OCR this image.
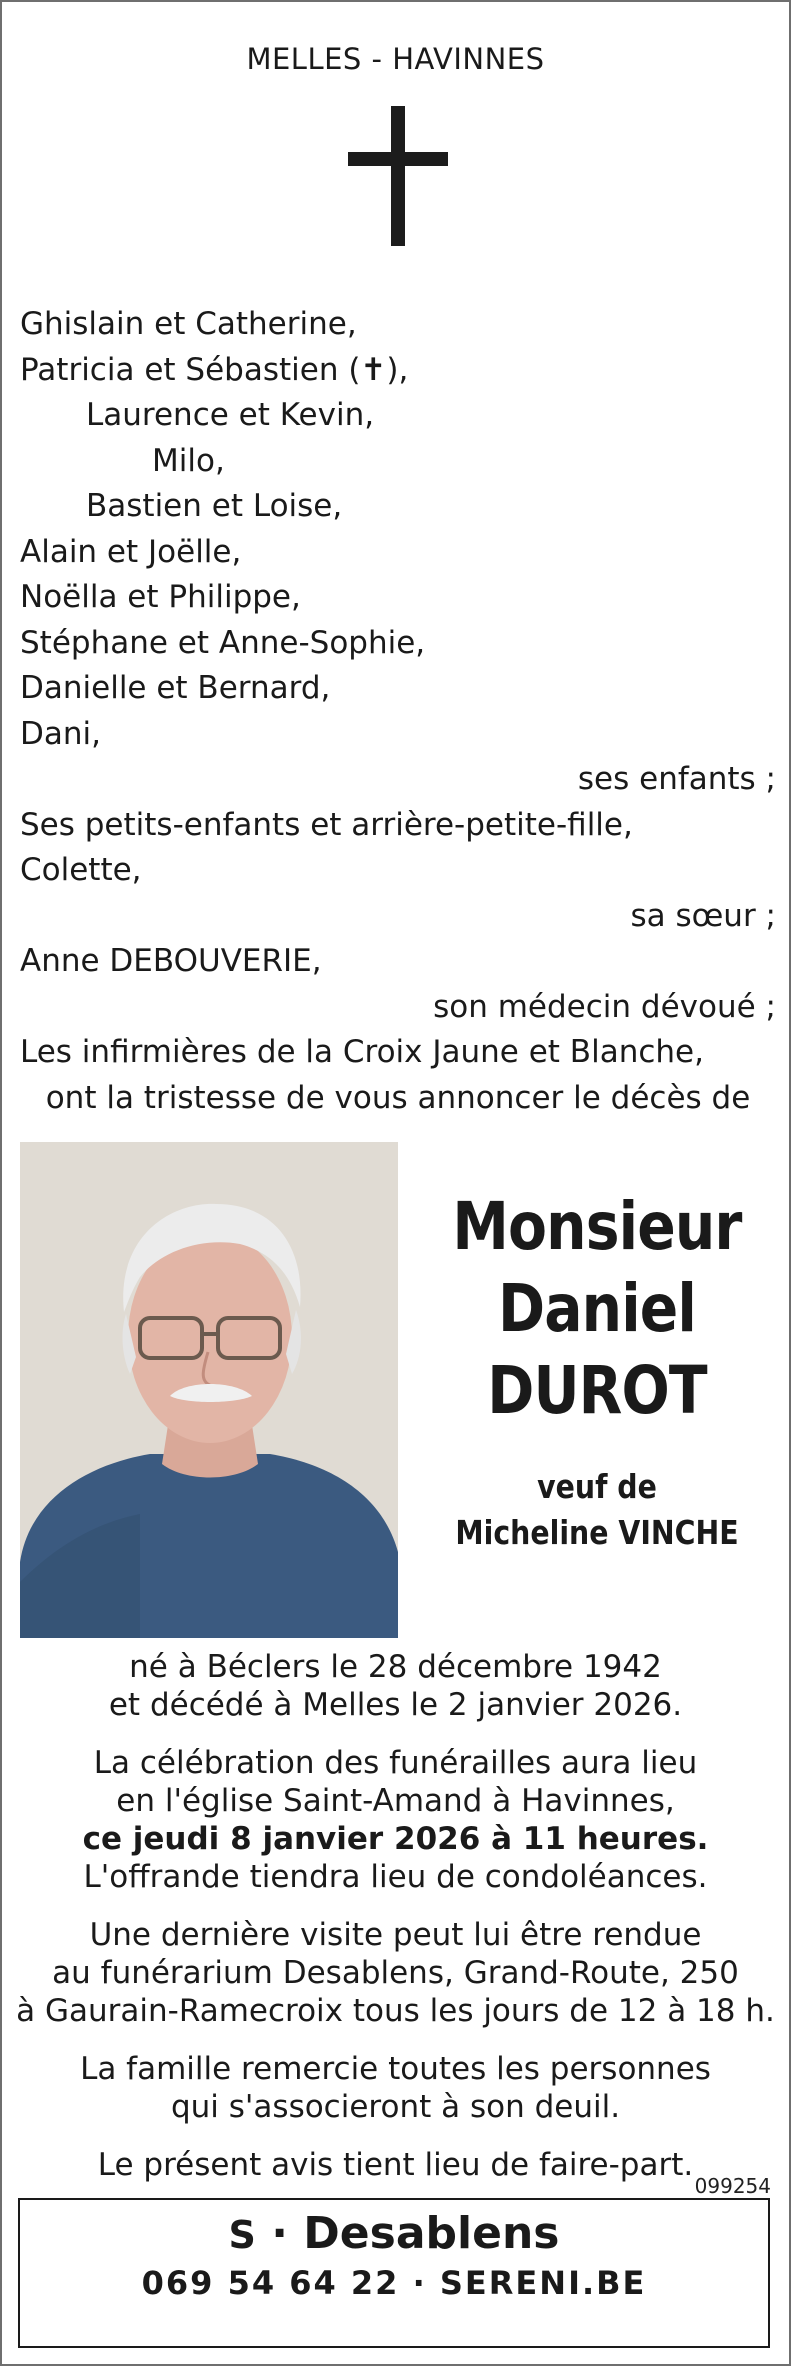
MELLES - HAVINNES
Ghislain et Catherine,
Patricia et Sébastien (✝),
Laurence et Kevin,
Milo,
Bastien et Loise,
Alain et Joëlle,
Noëlla et Philippe,
Stéphane et Anne-Sophie,
Danielle et Bernard,
Dani,
ses enfants ;
Ses petits-enfants et arrière-petite-fille,
Colette,
sa sœur ;
Anne DEBOUVERIE,
son médecin dévoué ;
Les infirmières de la Croix Jaune et Blanche,
ont la tristesse de vous annoncer le décès de
Monsieur
Daniel
DUROT
veuf de
Micheline VINCHE
né à Béclers le 28 décembre 1942
et décédé à Melles le 2 janvier 2026.
La célébration des funérailles aura lieu
en l'église Saint-Amand à Havinnes,
ce jeudi 8 janvier 2026 à 11 heures.
L'offrande tiendra lieu de condoléances.
Une dernière visite peut lui être rendue
au funérarium Desablens, Grand-Route, 250
à Gaurain-Ramecroix tous les jours de 12 à 18 h.
La famille remercie toutes les personnes
qui s'associeront à son deuil.
Le présent avis tient lieu de faire-part.
099254
S · Desablens
069 54 64 22 · SERENI.BE
